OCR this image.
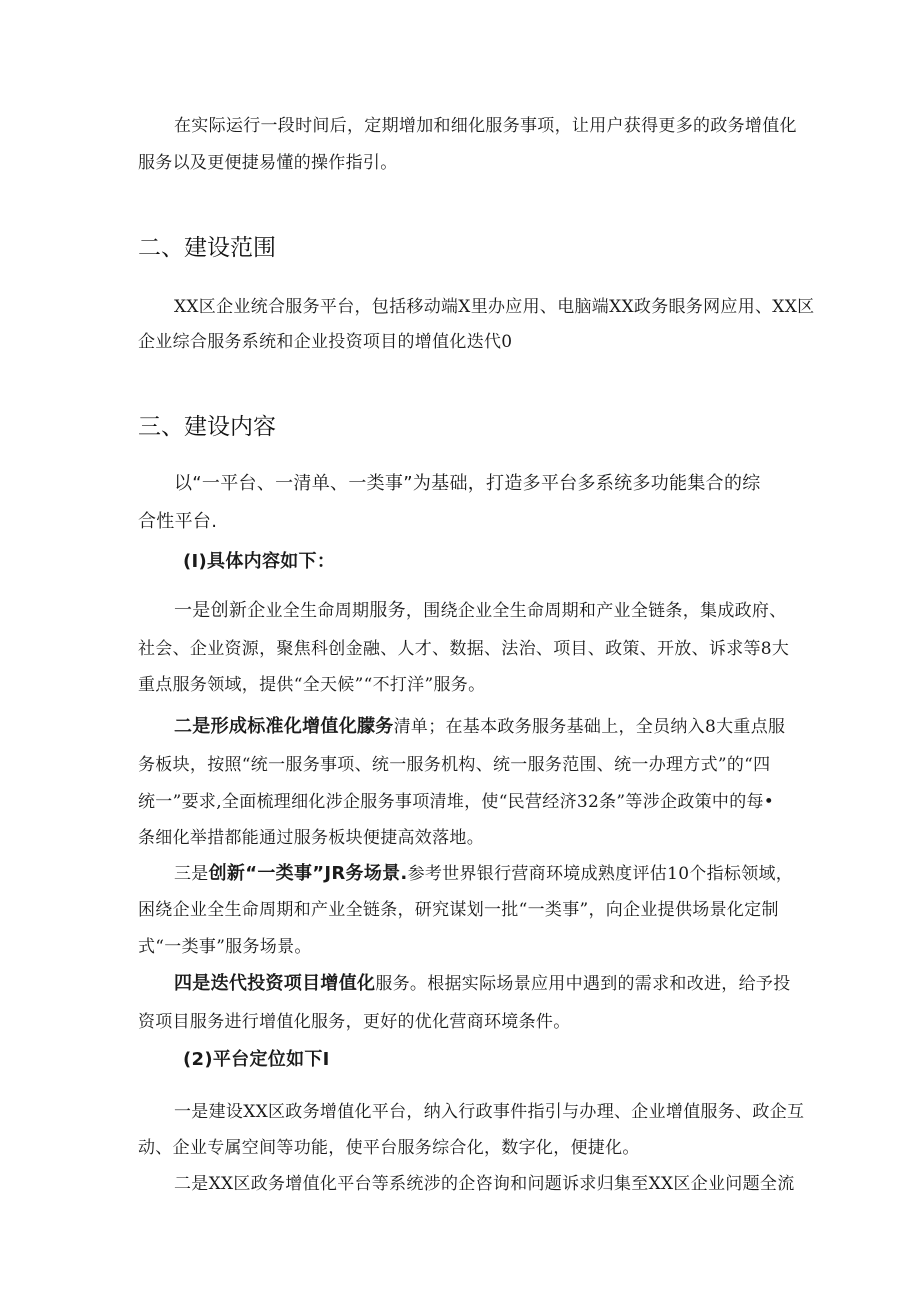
在实际运行一段时间后，定期增加和细化服务事项，让用户获得更多的政务增值化
服务以及更便捷易懂的操作指引。
二、建设范围
XX区企业统合服务平台，包括移动端X里办应用、电脑端XX政务眼务网应用、XX区
企业综合服务系统和企业投资项目的增值化迭代0
三、建设内容
以“一平台、一清单、一类事”为基础，打造多平台多系统多功能集合的综
合性平台.
(I)具体内容如下：
一是创新企业全生命周期服务，围绕企业全生命周期和产业全链条，集成政府、
社会、企业资源，聚焦科创金融、人才、数据、法治、项目、政策、开放、诉求等8大
重点服务领域，提供“全天候”“不打洋”服务。
二是形成标准化增值化朦务清单；在基本政务服务基础上，全员纳入8大重点服
务板块，按照“统一服务事项、统一服务机构、统一服务范围、统一办理方式”的“四
统一”要求,全面梳理细化涉企服务事项清堆，使“民营经济32条”等涉企政策中的每•
条细化举措都能通过服务板块便捷高效落地。
三是创新“一类事”JR务场景.参考世界银行营商环境成熟度评估10个指标领域，
困绕企业全生命周期和产业全链条，研究谋划一批“一类事”，向企业提供场景化定制
式“一类事”服务场景。
四是迭代投资项目增值化服务。根据实际场景应用中遇到的需求和改进，给予投
资项目服务进行增值化服务，更好的优化营商环境条件。
(2)平台定位如下I
一是建设XX区政务增值化平台，纳入行政事件指引与办理、企业增值服务、政企互
动、企业专属空间等功能，使平台服务综合化，数字化，便捷化。
二是XX区政务增值化平台等系统涉的企咨询和问题诉求归集至XX区企业问题全流
